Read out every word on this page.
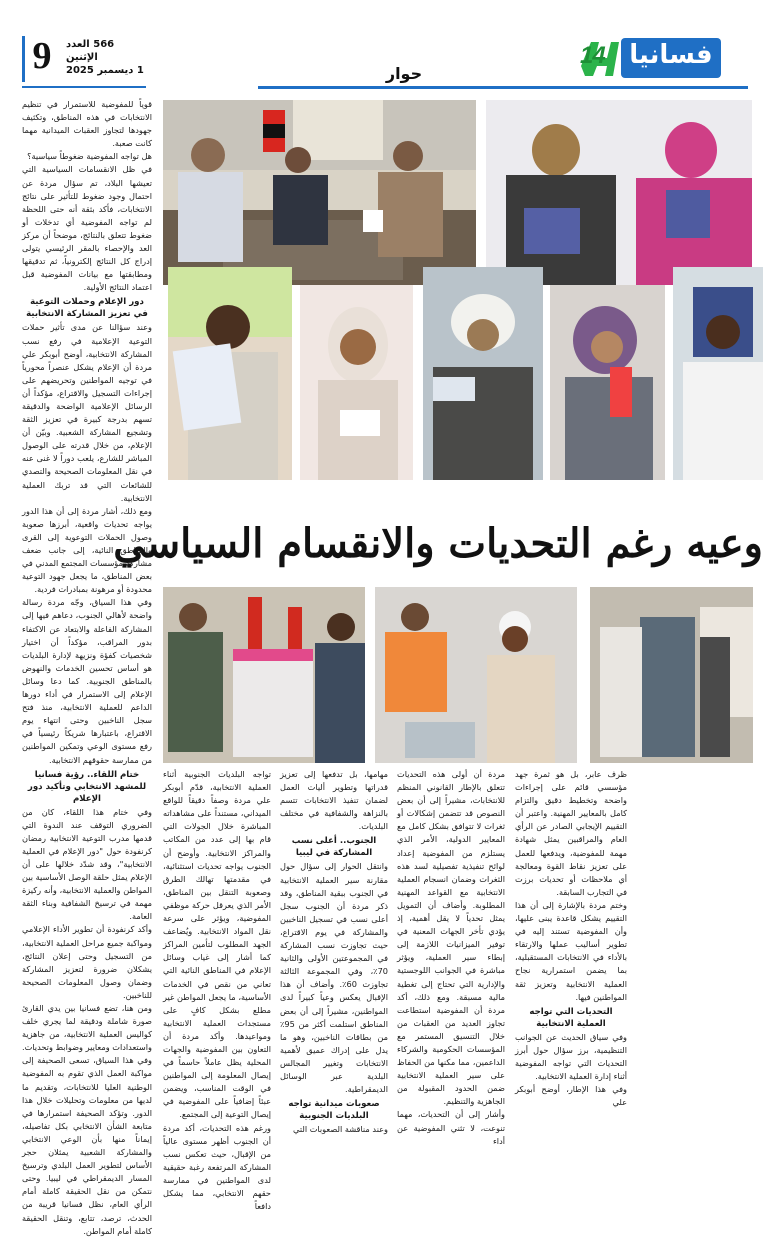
14 فسانيا
حوار
9	566 العدد
الإثنين
1 ديسمبر 2025
وعيه رغم التحديات والانقسام السياسي

قوياً للمفوضية للاستمرار في تنظيم الانتخابات في هذه المناطق، وتكثيف جهودها لتجاوز العقبات الميدانية مهما كانت صعبة.

هل تواجه المفوضية ضغوطاً سياسية؟

في ظل الانقسامات السياسية التي تعيشها البلاد، تم سؤال مردة عن احتمال وجود ضغوط للتأثير على نتائج الانتخابات، فأكد بثقة أنه حتى اللحظة لم تواجه المفوضية أي تدخلات أو ضغوط تتعلق بالنتائج، موضحاً أن مركز العد والإحصاء بالمقر الرئيسي يتولى إدراج كل النتائج إلكترونياً، ثم تدقيقها ومطابقتها مع بيانات المفوضية قبل اعتماد النتائج الأولية.

دور الإعلام وحملات التوعية في تعزيز المشاركة الانتخابية

وعند سؤالنا عن مدى تأثير حملات التوعية الإعلامية في رفع نسب المشاركة الانتخابية، أوضح أبوبكر علي مردة أن الإعلام يشكل عنصراً محورياً في توجيه المواطنين وتحريضهم على إجراءات التسجيل والاقتراع، مؤكداً أن الرسائل الإعلامية الواضحة والدقيقة تسهم بدرجة كبيرة في تعزيز الثقة وتشجيع المشاركة الشعبية. وبيّن أن الإعلام، من خلال قدرته على الوصول المباشر للشارع، يلعب دوراً لا غنى عنه في نقل المعلومات الصحيحة والتصدي للشائعات التي قد تربك العملية الانتخابية.

ومع ذلك، أشار مردة إلى أن هذا الدور يواجه تحديات واقعية، أبرزها صعوبة وصول الحملات التوعوية إلى القرى والمناطق النائية، إلى جانب ضعف مشاركة مؤسسات المجتمع المدني في بعض المناطق، ما يجعل جهود التوعية محدودة أو مرهونة بمبادرات فردية.

وفي هذا السياق، وجّه مردة رسالة واضحة لأهالي الجنوب، دعاهم فيها إلى المشاركة الفاعلة والابتعاد عن الاكتفاء بدور المراقب، مؤكداً أن اختيار شخصيات كفؤة ونزيهة لإدارة البلديات هو أساس تحسين الخدمات والنهوض بالمناطق الجنوبية. كما دعا وسائل الإعلام إلى الاستمرار في أداء دورها الداعم للعملية الانتخابية، منذ فتح سجل الناخبين وحتى انتهاء يوم الاقتراع، باعتبارها شريكاً رئيسياً في رفع مستوى الوعي وتمكين المواطنين من ممارسة حقوقهم الانتخابية.

ختام اللقاء.. رؤية فسانيا للمشهد الانتخابي وتأكيد دور الإعلام

وفي ختام هذا اللقاء، كان من الضروري التوقف عند الندوة التي قدمها مدرب التوعية الانتخابية رمضان كرنفودة حول "دور الإعلام في العملية الانتخابية"، وقد شدّد خلالها على أن الإعلام يمثل حلقة الوصل الأساسية بين المواطن والعملية الانتخابية، وأنه ركيزة مهمة في ترسيخ الشفافية وبناء الثقة العامة.

وأكد كرنفودة أن تطوير الأداء الإعلامي ومواكبة جميع مراحل العملية الانتخابية، من التسجيل وحتى إعلان النتائج، يشكلان ضرورة لتعزيز المشاركة وضمان وصول المعلومات الصحيحة للناخبين.

ومن هنا، تضع فسانيا بين يدي القارئ صورة شاملة ودقيقة لما يجري خلف كواليس العملية الانتخابية، من جاهزية واستعدادات ومعايير وضوابط وتحديات. وفي هذا السياق، تسعى الصحيفة إلى مواكبة العمل الذي تقوم به المفوضية الوطنية العليا للانتخابات، وتقديم ما لديها من معلومات وتحليلات خلال هذا الدور. وتؤكد الصحيفة استمرارها في متابعة الشأن الانتخابي بكل تفاصيله، إيماناً منها بأن الوعي الانتخابي والمشاركة الشعبية يمثلان حجر الأساس لتطوير العمل البلدي وترسيخ المسار الديمقراطي في ليبيا. وحتى نتمكن من نقل الحقيقة كاملة أمام الرأي العام، نظل فسانيا قريبة من الحدث، ترصد، تتابع، وتنقل الحقيقة كاملة أمام المواطن.

تواجه البلديات الجنوبية أثناء العملية الانتخابية، قدّم أبوبكر علي مردة وصفاً دقيقاً للواقع الميداني، مستنداً على مشاهداته المباشرة خلال الجولات التي قام بها إلى عدد من المكاتب والمراكز الانتخابية. وأوضح أن الجنوب يواجه تحديات استثنائية، في مقدمتها تهالك الطرق وصعوبة التنقل بين المناطق، الأمر الذي يعرقل حركة موظفي المفوضية، ويؤثر على سرعة نقل المواد الانتخابية. ويُضاعف الجهد المطلوب لتأمين المراكز كما أشار إلى غياب وسائل الإعلام في المناطق النائية التي تعاني من نقص في الخدمات الأساسية، ما يجعل المواطن غير مطلع بشكل كافٍ على مستجدات العملية الانتخابية ومواعيدها. وأكد مردة أن التعاون بين المفوضية والجهات المحلية يظل عاملاً حاسماً في إيصال المعلومة إلى المواطنين في الوقت المناسب، ويضمن عبئاً إضافياً على المفوضية في إيصال التوعية إلى المجتمع.

ورغم هذه التحديات، أكد مردة أن الجنوب أظهر مستوى عالياً من الإقبال، حيث تعكس نسب المشاركة المرتفعة رغبة حقيقية لدى المواطنين في ممارسة حقهم الانتخابي، مما يشكل دافعاً

مهامها، بل تدفعها إلى تعزيز قدراتها وتطوير أليات العمل لضمان تنفيذ الانتخابات تتسم بالنزاهة والشفافية في مختلف البلديات.

الجنوب.. أعلى نسب المشاركة في ليبيا

وانتقل الحوار إلى سؤال حول مقارنة سير العملية الانتخابية في الجنوب ببقية المناطق، وقد ذكر مردة أن الجنوب سجل أعلى نسب في تسجيل الناخبين والمشاركة في يوم الاقتراع، حيث تجاوزت نسب المشاركة في المجموعتين الأولى والثانية 70٪، وفي المجموعة الثالثة تجاوزت 60٪. وأضاف أن هذا الإقبال يعكس وعياً كبيراً لدى المواطنين، مشيراً إلى أن بعض المناطق استلمت أكثر من 95٪ من بطاقات الناخبين، وهو ما يدل على إدراك عميق لأهمية الانتخابات وتغيير المجالس البلدية عبر الوسائل الديمقراطية.

صعوبات ميدانية تواجه البلديات الجنوبية

وعند مناقشة الصعوبات التي

مردة أن أولى هذه التحديات تتعلق بالإطار القانوني المنظم للانتخابات، مشيراً إلى أن بعض النصوص قد تتضمن إشكالات أو ثغرات لا تتوافق بشكل كامل مع المعايير الدولية، الأمر الذي يستلزم من المفوضية إعداد لوائح تنفيذية تفصيلية لسد هذه الثغرات وضمان انسجام العملية الانتخابية مع القواعد المهنية المطلوبة. وأضاف أن التمويل يمثل تحدياً لا يقل أهمية، إذ يؤدي تأخر الجهات المعنية في توفير الميزانيات اللازمة إلى إبطاء سير العملية، ويؤثر مباشرة في الجوانب اللوجستية والإدارية التي تحتاج إلى تغطية مالية مسبقة. ومع ذلك، أكد مردة أن المفوضية استطاعت تجاوز العديد من العقبات من خلال التنسيق المستمر مع المؤسسات الحكومية والشركاء الداعمين، مما مكنها من الحفاظ على سير العملية الانتخابية ضمن الحدود المقبولة من الجاهزية والتنظيم.

وأشار إلى أن التحديات، مهما تنوعت، لا تثني المفوضية عن أداء

ظرف عابر، بل هو ثمرة جهد مؤسسي قائم على إجراءات واضحة وتخطيط دقيق والتزام كامل بالمعايير المهنية. واعتبر أن التقييم الإيجابي الصادر عن الرأي العام والمراقبين يمثل شهادة مهمة للمفوضية، ويدفعها للعمل على تعزيز نقاط القوة ومعالجة أي ملاحظات أو تحديات برزت في التجارب السابقة.

وختم مردة بالإشارة إلى أن هذا التقييم يشكل قاعدة يبنى عليها، وأن المفوضية تستند إليه في تطوير أساليب عملها والارتقاء بالأداء في الانتخابات المستقبلية، بما يضمن استمرارية نجاح العملية الانتخابية وتعزيز ثقة المواطنين فيها.

التحديات التي تواجه العملية الانتخابية

وفي سياق الحديث عن الجوانب التنظيمية، برز سؤال حول أبرز التحديات التي تواجه المفوضية أثناء إدارة العملية الانتخابية.

وفي هذا الإطار، أوضح أبوبكر علي
